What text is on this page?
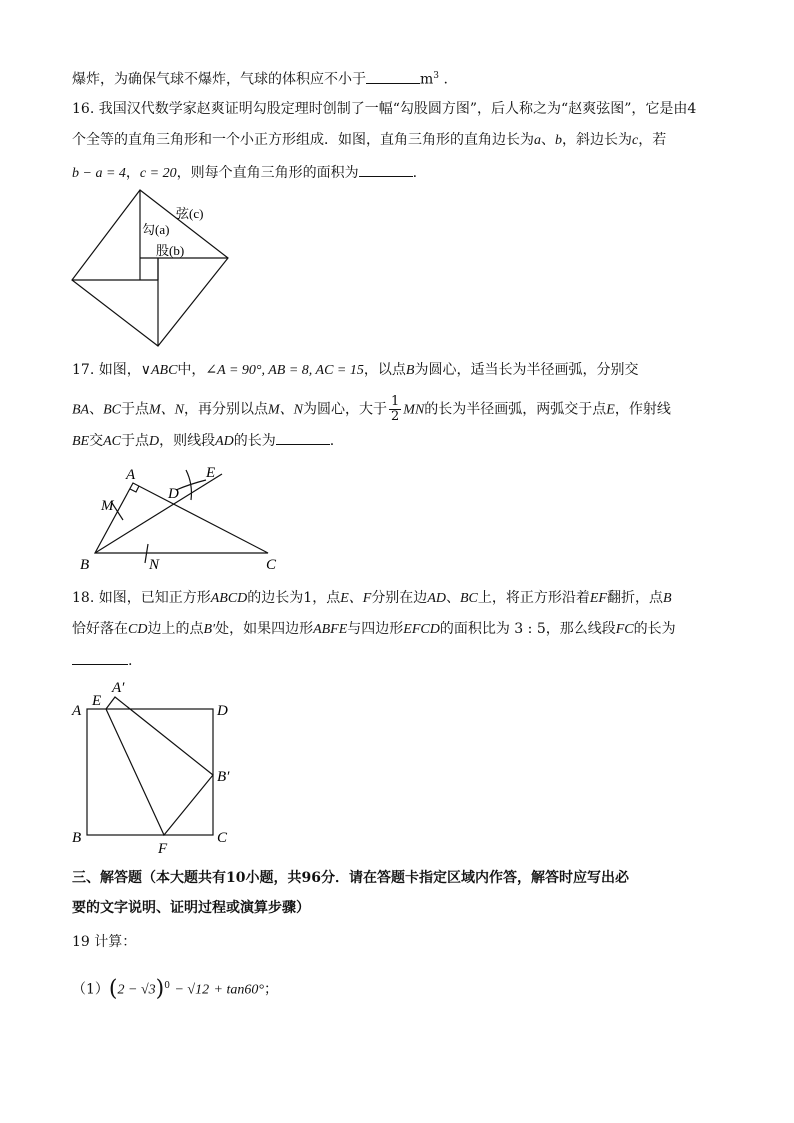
爆炸，为确保气球不爆炸，气球的体积应不小于	$m^3$ .
16. 我国汉代数学家赵爽证明勾股定理时创制了一幅“勾股圆方图”，后人称之为“赵爽弦图”，它是由4
个全等的直角三角形和一个小正方形组成．如图，直角三角形的直角边长为a、b，斜边长为c，若
b − a = 4，c = 20，则每个直角三角形的面积为	.
弦(c)
勾(a)
股(b)
17. 如图，∨ABC中，∠A = 90°, AB = 8, AC = 15，以点B为圆心，适当长为半径画弧，分别交
BA、BC于点M、N，再分别以点M、N为圆心，大于 $\frac{1}{2}$ MN的长为半径画弧，两弧交于点E，作射线
BE交AC于点D，则线段AD的长为	.
A
B	C
D
E
M
N
18. 如图，已知正方形ABCD的边长为1，点E、F分别在边AD、BC上，将正方形沿着EF翻折，点B
恰好落在CD边上的点B′处，如果四边形ABFE与四边形EFCD的面积比为 3 : 5，那么线段FC的长为
.
A
E
A′
D
B′
B
F
C
三、解答题（本大题共有10小题，共96分．请在答题卡指定区域内作答，解答时应写出必
要的文字说明、证明过程或演算步骤）
19 计算：
$(1)(2 - √3)^0 - √12 + \tan 60^\circ$；
